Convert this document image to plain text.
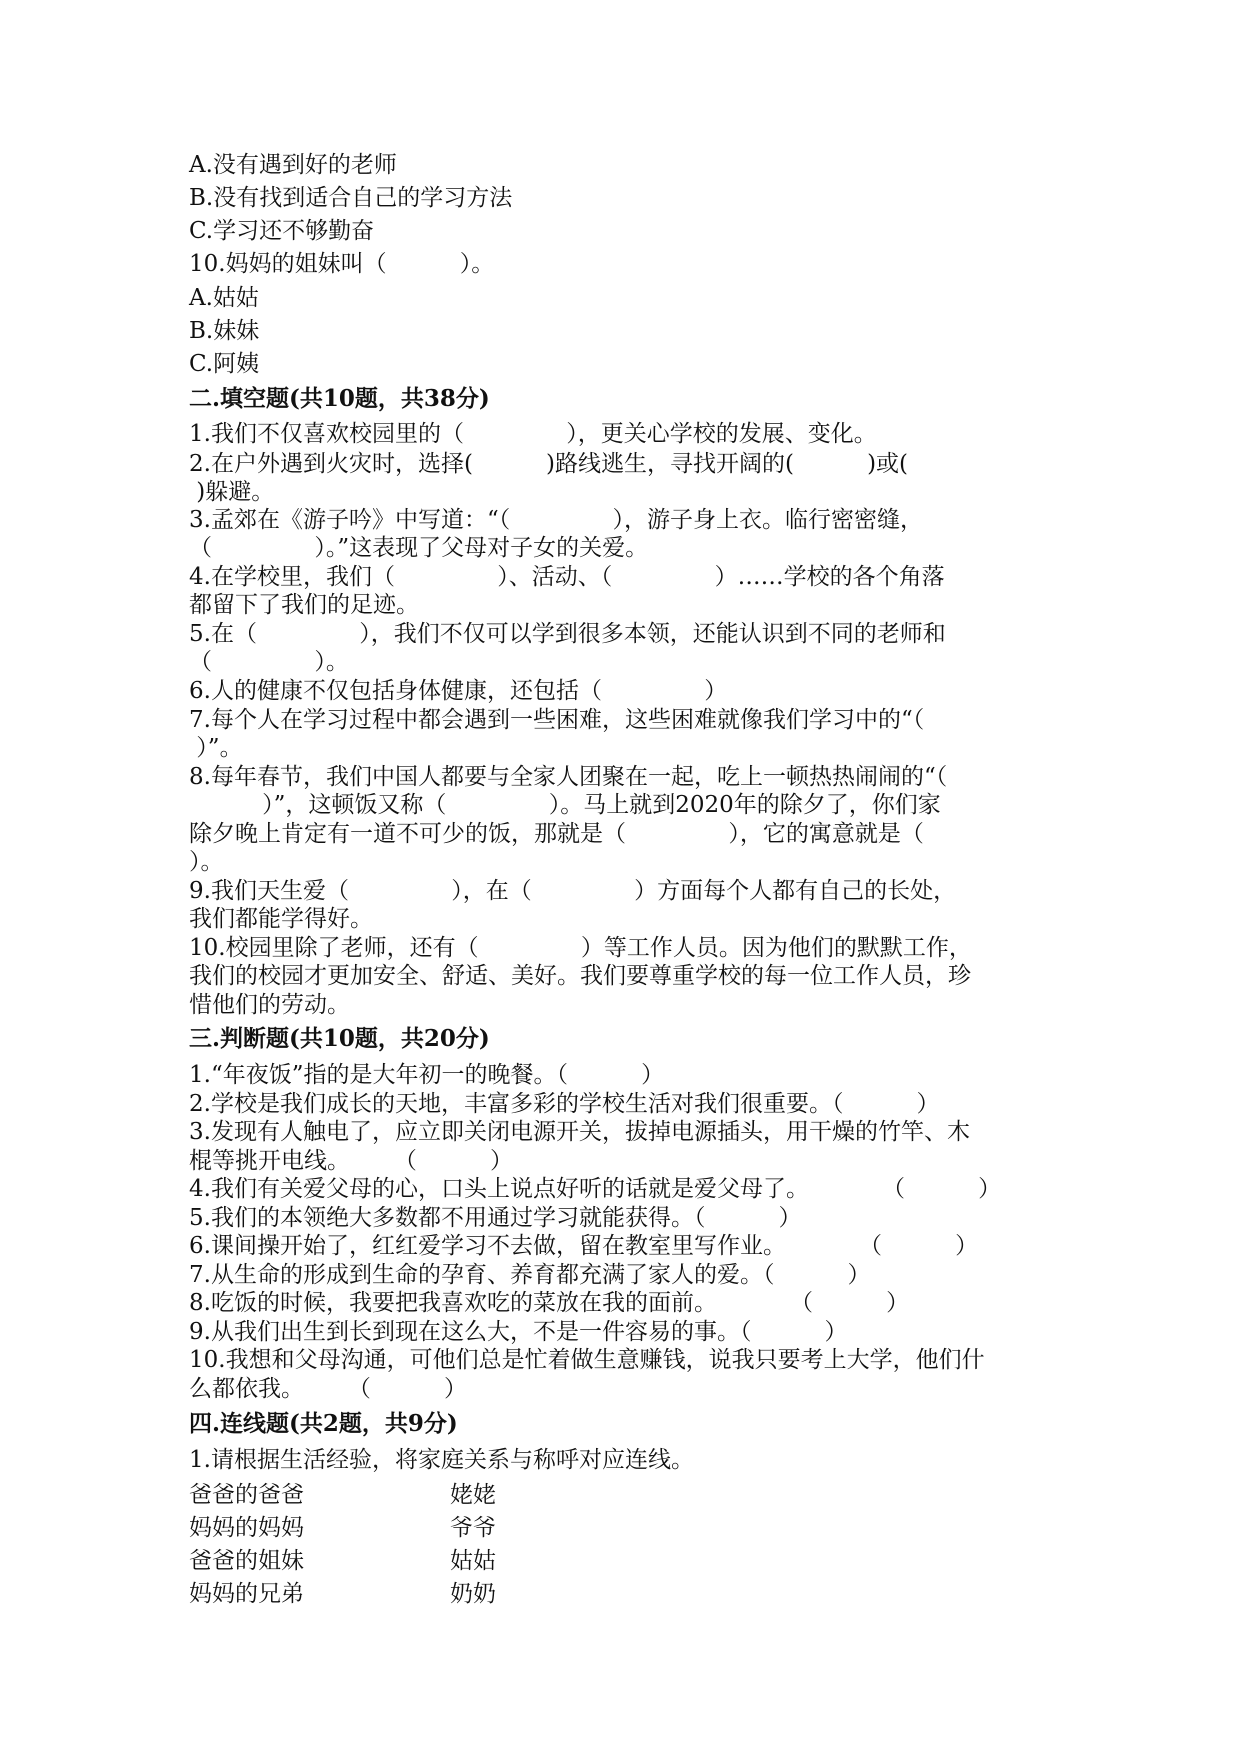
A.没有遇到好的老师
B.没有找到适合自己的学习方法
C.学习还不够勤奋
10.妈妈的姐妹叫（          ）。
A.姑姑
B.妹妹
C.阿姨
二.填空题(共10题，共38分)
1.我们不仅喜欢校园里的（              ），更关心学校的发展、变化。
2.在户外遇到火灾时，选择(          )路线逃生，寻找开阔的(          )或(
)躲避。
3.孟郊在《游子吟》中写道：“（              ），游子身上衣。临行密密缝，
（              ）。”这表现了父母对子女的关爱。
4.在学校里，我们（              ）、活动、（              ）……学校的各个角落
都留下了我们的足迹。
5.在（              ），我们不仅可以学到很多本领，还能认识到不同的老师和
（              ）。
6.人的健康不仅包括身体健康，还包括（              ）
7.每个人在学习过程中都会遇到一些困难，这些困难就像我们学习中的“（
）”。
8.每年春节，我们中国人都要与全家人团聚在一起，吃上一顿热热闹闹的“（
）”，这顿饭又称（              ）。马上就到2020年的除夕了，你们家
除夕晚上肯定有一道不可少的饭，那就是（              ），它的寓意就是（
）。
9.我们天生爱（              ），在（              ）方面每个人都有自己的长处，
我们都能学得好。
10.校园里除了老师，还有（              ）等工作人员。因为他们的默默工作，
我们的校园才更加安全、舒适、美好。我们要尊重学校的每一位工作人员，珍
惜他们的劳动。
三.判断题(共10题，共20分)
1.“年夜饭”指的是大年初一的晚餐。（          ）
2.学校是我们成长的天地，丰富多彩的学校生活对我们很重要。（          ）
3.发现有人触电了，应立即关闭电源开关，拔掉电源插头，用干燥的竹竿、木
棍等挑开电线。      （          ）
4.我们有关爱父母的心，口头上说点好听的话就是爱父母了。          （          ）
5.我们的本领绝大多数都不用通过学习就能获得。（          ）
6.课间操开始了，红红爱学习不去做，留在教室里写作业。          （          ）
7.从生命的形成到生命的孕育、养育都充满了家人的爱。（          ）
8.吃饭的时候，我要把我喜欢吃的菜放在我的面前。          （          ）
9.从我们出生到长到现在这么大，不是一件容易的事。（          ）
10.我想和父母沟通，可他们总是忙着做生意赚钱，说我只要考上大学，他们什
么都依我。      （          ）
四.连线题(共2题，共9分)
1.请根据生活经验，将家庭关系与称呼对应连线。
爸爸的爸爸	姥姥
妈妈的妈妈	爷爷
爸爸的姐妹	姑姑
妈妈的兄弟	奶奶
